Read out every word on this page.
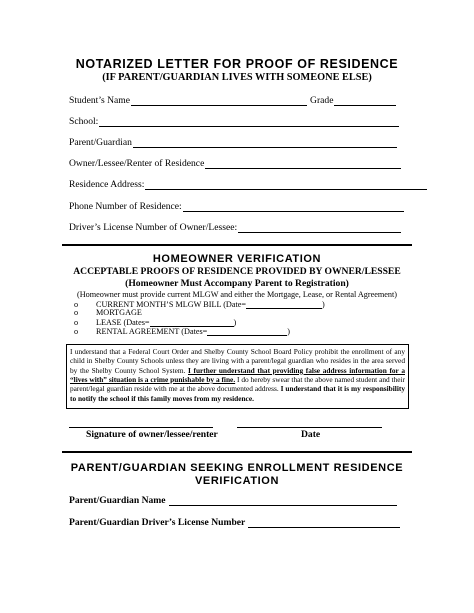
NOTARIZED LETTER FOR PROOF OF RESIDENCE
(IF PARENT/GUARDIAN LIVES WITH SOMEONE ELSE)
Student’s Name	Grade
School:
Parent/Guardian
Owner/Lessee/Renter of Residence
Residence Address:
Phone Number of Residence:
Driver’s License Number of Owner/Lessee:
HOMEOWNER VERIFICATION
ACCEPTABLE PROOFS OF RESIDENCE PROVIDED BY OWNER/LESSEE
(Homeowner Must Accompany Parent to Registration)
(Homeowner must provide current MLGW and either the Mortgage, Lease, or Rental Agreement)
o	CURRENT MONTH’S MLGW BILL (Date=	)
o	MORTGAGE
o	LEASE (Dates=	)
o	RENTAL AGREEMENT (Dates=	)
I understand that a Federal Court Order and Shelby County School Board Policy prohibit the enrollment of any child in Shelby County Schools unless they are living with a parent/legal guardian who resides in the area served by the Shelby County School System. I further understand that providing false address information for a “lives with” situation is a crime punishable by a fine. I do hereby swear that the above named student and their parent/legal guardian reside with me at the above documented address. I understand that it is my responsibility to notify the school if this family moves from my residence.
Signature of owner/lessee/renter	Date
PARENT/GUARDIAN SEEKING ENROLLMENT RESIDENCE
VERIFICATION
Parent/Guardian Name
Parent/Guardian Driver’s License Number
